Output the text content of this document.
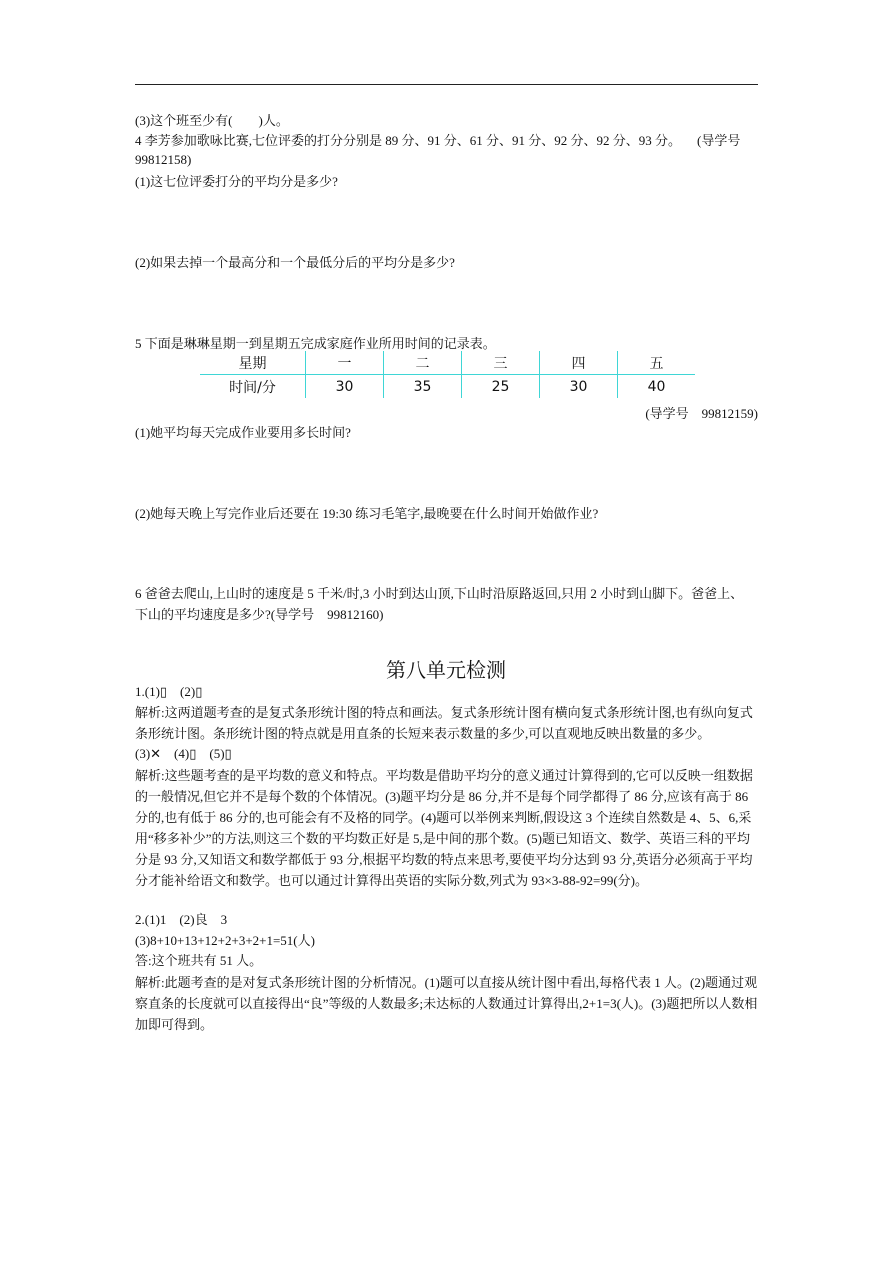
(3)这个班至少有(　　)人。
4 李芳参加歌咏比赛,七位评委的打分分别是 89 分、91 分、61 分、91 分、92 分、92 分、93 分。 (导学号
99812158)
(1)这七位评委打分的平均分是多少?
(2)如果去掉一个最高分和一个最低分后的平均分是多少?
5 下面是琳琳星期一到星期五完成家庭作业所用时间的记录表。
星期	一	二	三	四	五
时间/分	30	35	25	30	40
(导学号　99812159)
(1)她平均每天完成作业要用多长时间?
(2)她每天晚上写完作业后还要在 19:30 练习毛笔字,最晚要在什么时间开始做作业?
6 爸爸去爬山,上山时的速度是 5 千米/时,3 小时到达山顶,下山时沿原路返回,只用 2 小时到山脚下。爸爸上、
下山的平均速度是多少?(导学号　99812160)
第八单元检测
1.(1)▯　(2)▯
解析:这两道题考查的是复式条形统计图的特点和画法。复式条形统计图有横向复式条形统计图,也有纵向复式条形统计图。条形统计图的特点就是用直条的长短来表示数量的多少,可以直观地反映出数量的多少。
(3)✕　(4)▯　(5)▯
解析:这些题考查的是平均数的意义和特点。平均数是借助平均分的意义通过计算得到的,它可以反映一组数据的一般情况,但它并不是每个数的个体情况。(3)题平均分是 86 分,并不是每个同学都得了 86 分,应该有高于 86 分的,也有低于 86 分的,也可能会有不及格的同学。(4)题可以举例来判断,假设这 3 个连续自然数是 4、5、6,采用“移多补少”的方法,则这三个数的平均数正好是 5,是中间的那个数。(5)题已知语文、数学、英语三科的平均分是 93 分,又知语文和数学都低于 93 分,根据平均数的特点来思考,要使平均分达到 93 分,英语分必须高于平均分才能补给语文和数学。也可以通过计算得出英语的实际分数,列式为 93×3-88-92=99(分)。
2.(1)1　(2)良　3
(3)8+10+13+12+2+3+2+1=51(人)
答:这个班共有 51 人。
解析:此题考查的是对复式条形统计图的分析情况。(1)题可以直接从统计图中看出,每格代表 1 人。(2)题通过观察直条的长度就可以直接得出“良”等级的人数最多;未达标的人数通过计算得出,2+1=3(人)。(3)题把所以人数相加即可得到。
